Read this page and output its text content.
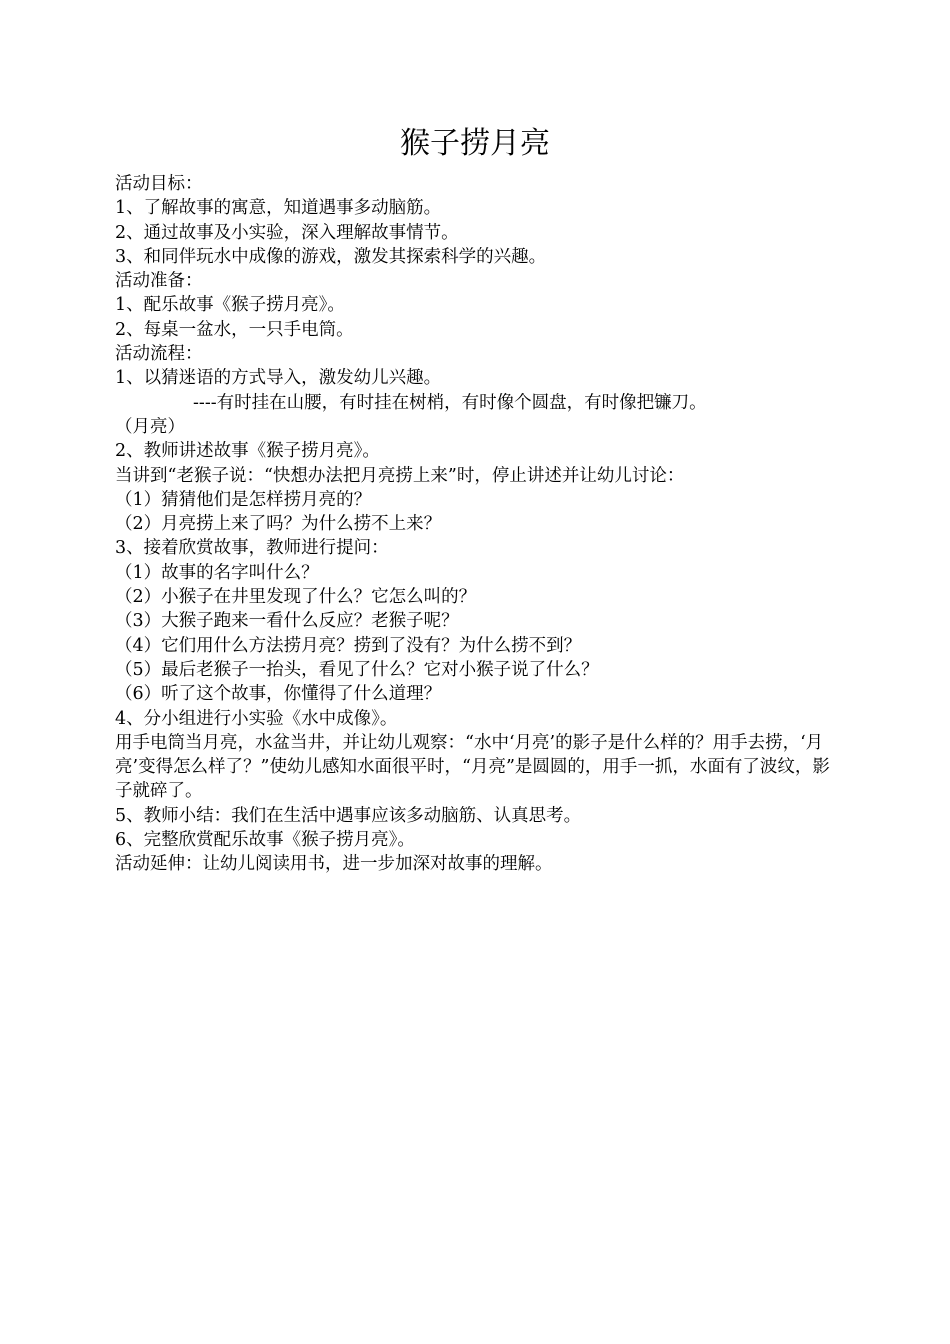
猴子捞月亮

活动目标：

1、了解故事的寓意，知道遇事多动脑筋。

2、通过故事及小实验，深入理解故事情节。

3、和同伴玩水中成像的游戏，激发其探索科学的兴趣。

活动准备：

1、配乐故事《猴子捞月亮》。

2、每桌一盆水，一只手电筒。

活动流程：

1、以猜迷语的方式导入，激发幼儿兴趣。

----有时挂在山腰，有时挂在树梢，有时像个圆盘，有时像把镰刀。

（月亮）

2、教师讲述故事《猴子捞月亮》。

当讲到“老猴子说：“快想办法把月亮捞上来”时，停止讲述并让幼儿讨论：

（1）猜猜他们是怎样捞月亮的？

（2）月亮捞上来了吗？为什么捞不上来？

3、接着欣赏故事，教师进行提问：

（1）故事的名字叫什么？

（2）小猴子在井里发现了什么？它怎么叫的？

（3）大猴子跑来一看什么反应？老猴子呢？

（4）它们用什么方法捞月亮？捞到了没有？为什么捞不到？

（5）最后老猴子一抬头，看见了什么？它对小猴子说了什么？

（6）听了这个故事，你懂得了什么道理？

4、分小组进行小实验《水中成像》。

用手电筒当月亮，水盆当井，并让幼儿观察：“水中‘月亮’的影子是什么样的？用手去捞，‘月亮’变得怎么样了？”使幼儿感知水面很平时，“月亮”是圆圆的，用手一抓，水面有了波纹，影子就碎了。

5、教师小结：我们在生活中遇事应该多动脑筋、认真思考。

6、完整欣赏配乐故事《猴子捞月亮》。

活动延伸：让幼儿阅读用书，进一步加深对故事的理解。
